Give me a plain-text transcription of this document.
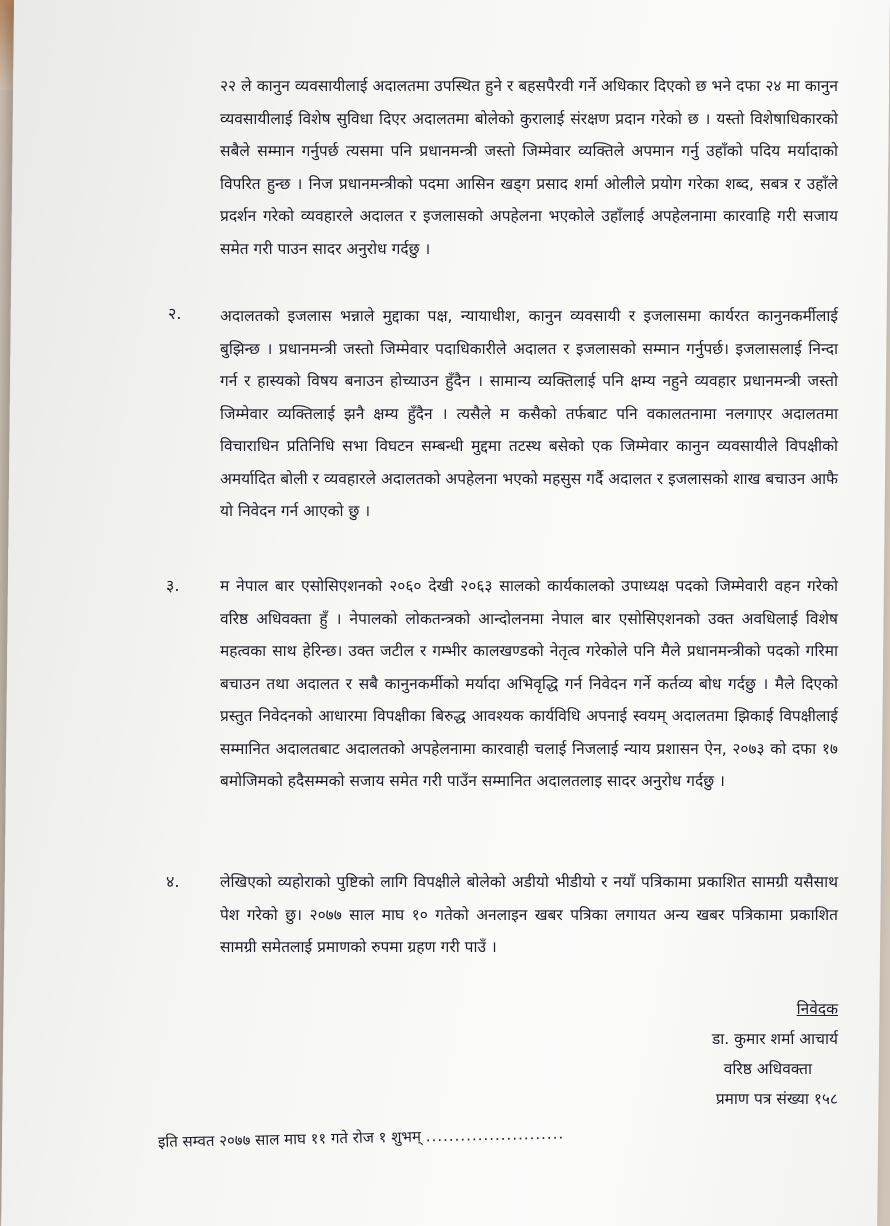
२२ ले कानुन व्यवसायीलाई अदालतमा उपस्थित हुने र बहसपैरवी गर्ने अधिकार दिएको छ भने दफा २४ मा कानुन व्यवसायीलाई विशेष सुविधा दिएर अदालतमा बोलेको कुरालाई संरक्षण प्रदान गरेको छ । यस्तो विशेषाधिकारको सबैले सम्मान गर्नुपर्छ त्यसमा पनि प्रधानमन्त्री जस्तो जिम्मेवार व्यक्तिले अपमान गर्नु उहाँको पदिय मर्यादाको विपरित हुन्छ । निज प्रधानमन्त्रीको पदमा आसिन खड्ग प्रसाद शर्मा ओलीले प्रयोग गरेका शब्द, सबत्र र उहाँले प्रदर्शन गरेको व्यवहारले अदालत र इजलासको अपहेलना भएकोले उहाँलाई अपहेलनामा कारवाहि गरी सजाय समेत गरी पाउन सादर अनुरोध गर्दछु ।
२. अदालतको इजलास भन्नाले मुद्दाका पक्ष, न्यायाधीश, कानुन व्यवसायी र इजलासमा कार्यरत कानुनकर्मीलाई बुझिन्छ । प्रधानमन्त्री जस्तो जिम्मेवार पदाधिकारीले अदालत र इजलासको सम्मान गर्नुपर्छ। इजलासलाई निन्दा गर्न र हास्यको विषय बनाउन होच्याउन हुँदैन । सामान्य व्यक्तिलाई पनि क्षम्य नहुने व्यवहार प्रधानमन्त्री जस्तो जिम्मेवार व्यक्तिलाई झनै क्षम्य हुँदैन । त्यसैले म कसैको तर्फबाट पनि वकालतनामा नलगाएर अदालतमा विचाराधिन प्रतिनिधि सभा विघटन सम्बन्धी मुद्दमा तटस्थ बसेको एक जिम्मेवार कानुन व्यवसायीले विपक्षीको अमर्यादित बोली र व्यवहारले अदालतको अपहेलना भएको महसुस गर्दै अदालत र इजलासको शाख बचाउन आफै यो निवेदन गर्न आएको छु ।
३.	म नेपाल बार एसोसिएशनको २०६० देखी २०६३ सालको कार्यकालको उपाध्यक्ष पदको जिम्मेवारी वहन गरेको वरिष्ठ अधिवक्ता हुँ । नेपालको लोकतन्त्रको आन्दोलनमा नेपाल बार एसोसिएशनको उक्त अवधिलाई विशेष महत्वका साथ हेरिन्छ। उक्त जटील र गम्भीर कालखण्डको नेतृत्व गरेकोले पनि मैले प्रधानमन्त्रीको पदको गरिमा बचाउन तथा अदालत र सबै कानुनकर्मीको मर्यादा अभिवृद्धि गर्न निवेदन गर्ने कर्तव्य बोध गर्दछु । मैले दिएको प्रस्तुत निवेदनको आधारमा विपक्षीका बिरुद्ध आवश्यक कार्यविधि अपनाई स्वयम् अदालतमा झिकाई विपक्षीलाई सम्मानित अदालतबाट अदालतको अपहेलनामा कारवाही चलाई निजलाई न्याय प्रशासन ऐन, २०७३ को दफा १७ बमोजिमको हदैसम्मको सजाय समेत गरी पाउँन सम्मानित अदालतलाइ सादर अनुरोध गर्दछु ।
४.	लेखिएको व्यहोराको पुष्टिको लागि विपक्षीले बोलेको अडीयो भीडीयो र नयाँ पत्रिकामा प्रकाशित सामग्री यसैसाथ पेश गरेको छु। २०७७ साल माघ १० गतेको अनलाइन खबर पत्रिका लगायत अन्य खबर पत्रिकामा प्रकाशित सामग्री समेतलाई प्रमाणको रुपमा ग्रहण गरी पाउँ ।
निवेदक
डा. कुमार शर्मा आचार्य
वरिष्ठ अधिवक्ता
प्रमाण पत्र संख्या १५८
इति सम्वत २०७७ साल माघ ११ गते रोज १ शुभम् ........................
